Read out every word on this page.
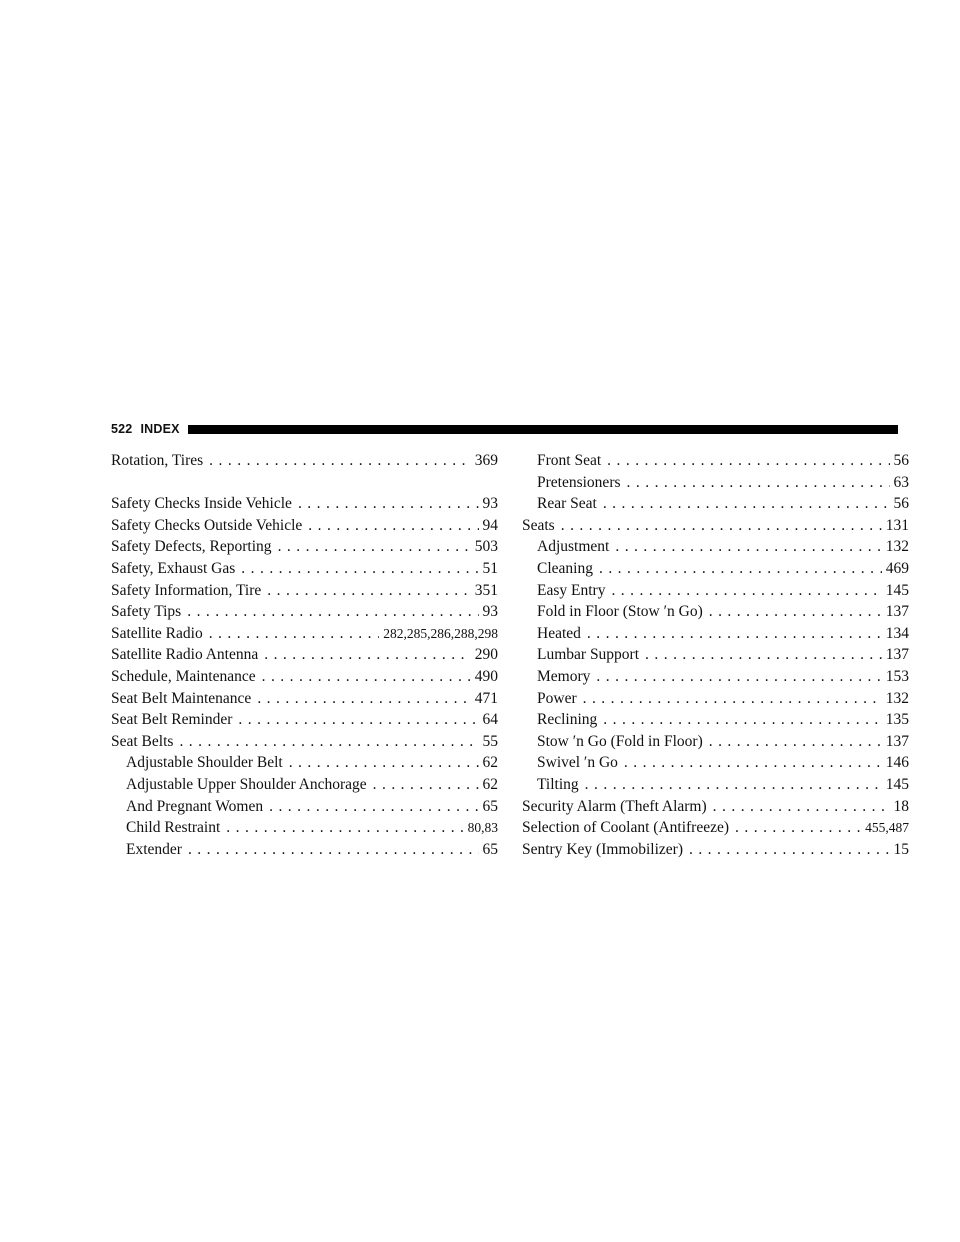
522 INDEX
Rotation, Tires . . .	369
Safety Checks Inside Vehicle . . .	93
Safety Checks Outside Vehicle . . .	94
Safety Defects, Reporting . . .	503
Safety, Exhaust Gas . . .	51
Safety Information, Tire . . .	351
Safety Tips . . .	93
Satellite Radio . . .	282,285,286,288,298
Satellite Radio Antenna . . .	290
Schedule, Maintenance . . .	490
Seat Belt Maintenance . . .	471
Seat Belt Reminder . . .	64
Seat Belts . . .	55
Adjustable Shoulder Belt . . .	62
Adjustable Upper Shoulder Anchorage . . .	62
And Pregnant Women . . .	65
Child Restraint . . .	80,83
Extender . . .	65
Front Seat . . .	56
Pretensioners . . .	63
Rear Seat . . .	56
Seats . . .	131
Adjustment . . .	132
Cleaning . . .	469
Easy Entry . . .	145
Fold in Floor (Stow ′n Go) . . .	137
Heated . . .	134
Lumbar Support . . .	137
Memory . . .	153
Power . . .	132
Reclining . . .	135
Stow ′n Go (Fold in Floor) . . .	137
Swivel ′n Go . . .	146
Tilting . . .	145
Security Alarm (Theft Alarm) . . .	18
Selection of Coolant (Antifreeze) . . .	455,487
Sentry Key (Immobilizer) . . .	15
